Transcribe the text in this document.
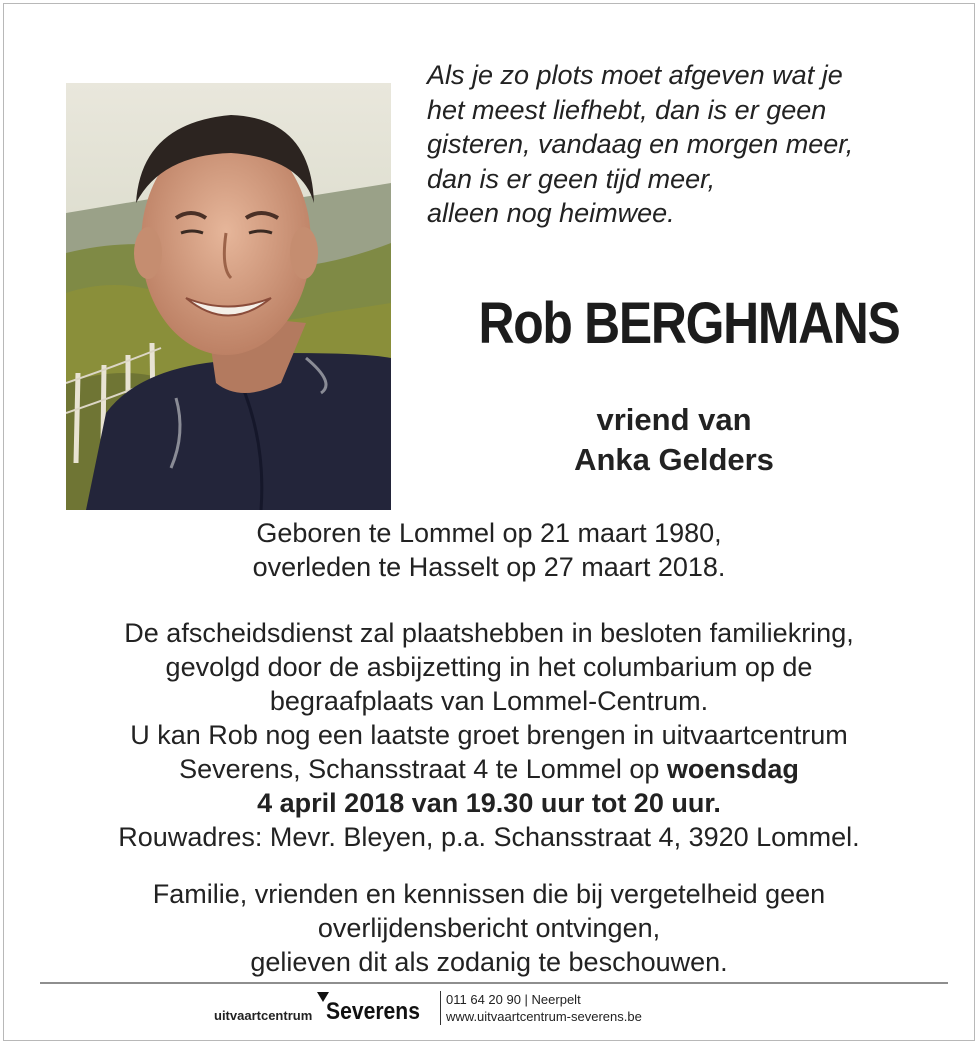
Als je zo plots moet afgeven wat je
het meest liefhebt, dan is er geen
gisteren, vandaag en morgen meer,
dan is er geen tijd meer,
alleen nog heimwee.
Rob BERGHMANS
vriend van
Anka Gelders
Geboren te Lommel op 21 maart 1980,
overleden te Hasselt op 27 maart 2018.
De afscheidsdienst zal plaatshebben in besloten familiekring,
gevolgd door de asbijzetting in het columbarium op de
begraafplaats van Lommel-Centrum.
U kan Rob nog een laatste groet brengen in uitvaartcentrum
Severens, Schansstraat 4 te Lommel op woensdag
4 april 2018 van 19.30 uur tot 20 uur.
Rouwadres: Mevr. Bleyen, p.a. Schansstraat 4, 3920 Lommel.
Familie, vrienden en kennissen die bij vergetelheid geen
overlijdensbericht ontvingen,
gelieven dit als zodanig te beschouwen.
uitvaartcentrum Severens 011 64 20 90 | Neerpelt
www.uitvaartcentrum-severens.be
